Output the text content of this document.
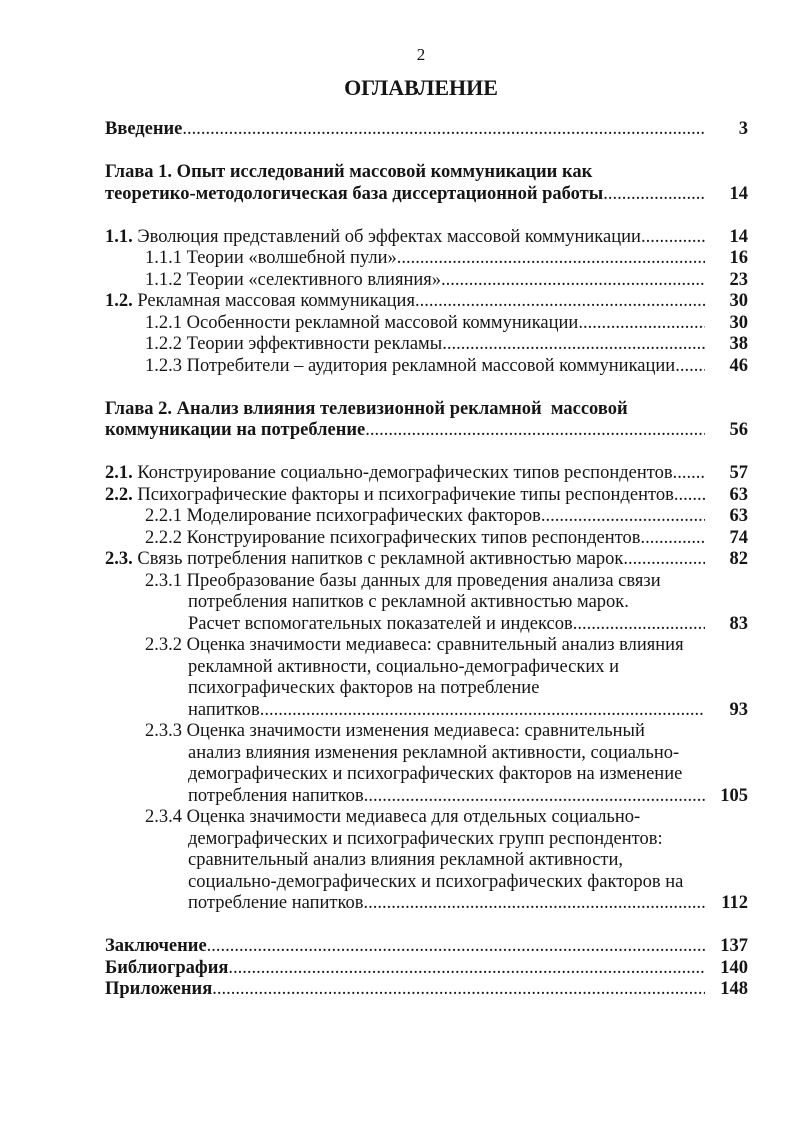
2
ОГЛАВЛЕНИЕ
Введение .....	3
Глава 1. Опыт исследований массовой коммуникации как
теоретико-методологическая база диссертационной работы .....	14
1.1. Эволюция представлений об эффектах массовой коммуникации .....	14
1.1.1 Теории «волшебной пули» .....	16
1.1.2 Теории «селективного влияния» .....	23
1.2. Рекламная массовая коммуникация .....	30
1.2.1 Особенности рекламной массовой коммуникации .....	30
1.2.2 Теории эффективности рекламы .....	38
1.2.3 Потребители – аудитория рекламной массовой коммуникации .....	46
Глава 2. Анализ влияния телевизионной рекламной  массовой
коммуникации на потребление .....	56
2.1. Конструирование социально-демографических типов респондентов .....	57
2.2. Психографические факторы и психографичекие типы респондентов .....	63
2.2.1 Моделирование психографических факторов .....	63
2.2.2 Конструирование психографических типов респондентов .....	74
2.3. Связь потребления напитков с рекламной активностью марок .....	82
2.3.1 Преобразование базы данных для проведения анализа связи
потребления напитков с рекламной активностью марок.
Расчет вспомогательных показателей и индексов .....	83
2.3.2 Оценка значимости медиавеса: сравнительный анализ влияния
рекламной активности, социально-демографических и
психографических факторов на потребление
напитков .....	93
2.3.3 Оценка значимости изменения медиавеса: сравнительный
анализ влияния изменения рекламной активности, социально-
демографических и психографических факторов на изменение
потребления напитков .....	105
2.3.4 Оценка значимости медиавеса для отдельных социально-
демографических и психографических групп респондентов:
сравнительный анализ влияния рекламной активности,
социально-демографических и психографических факторов на
потребление напитков .....	112
Заключение .....	137
Библиография .....	140
Приложения .....	148
